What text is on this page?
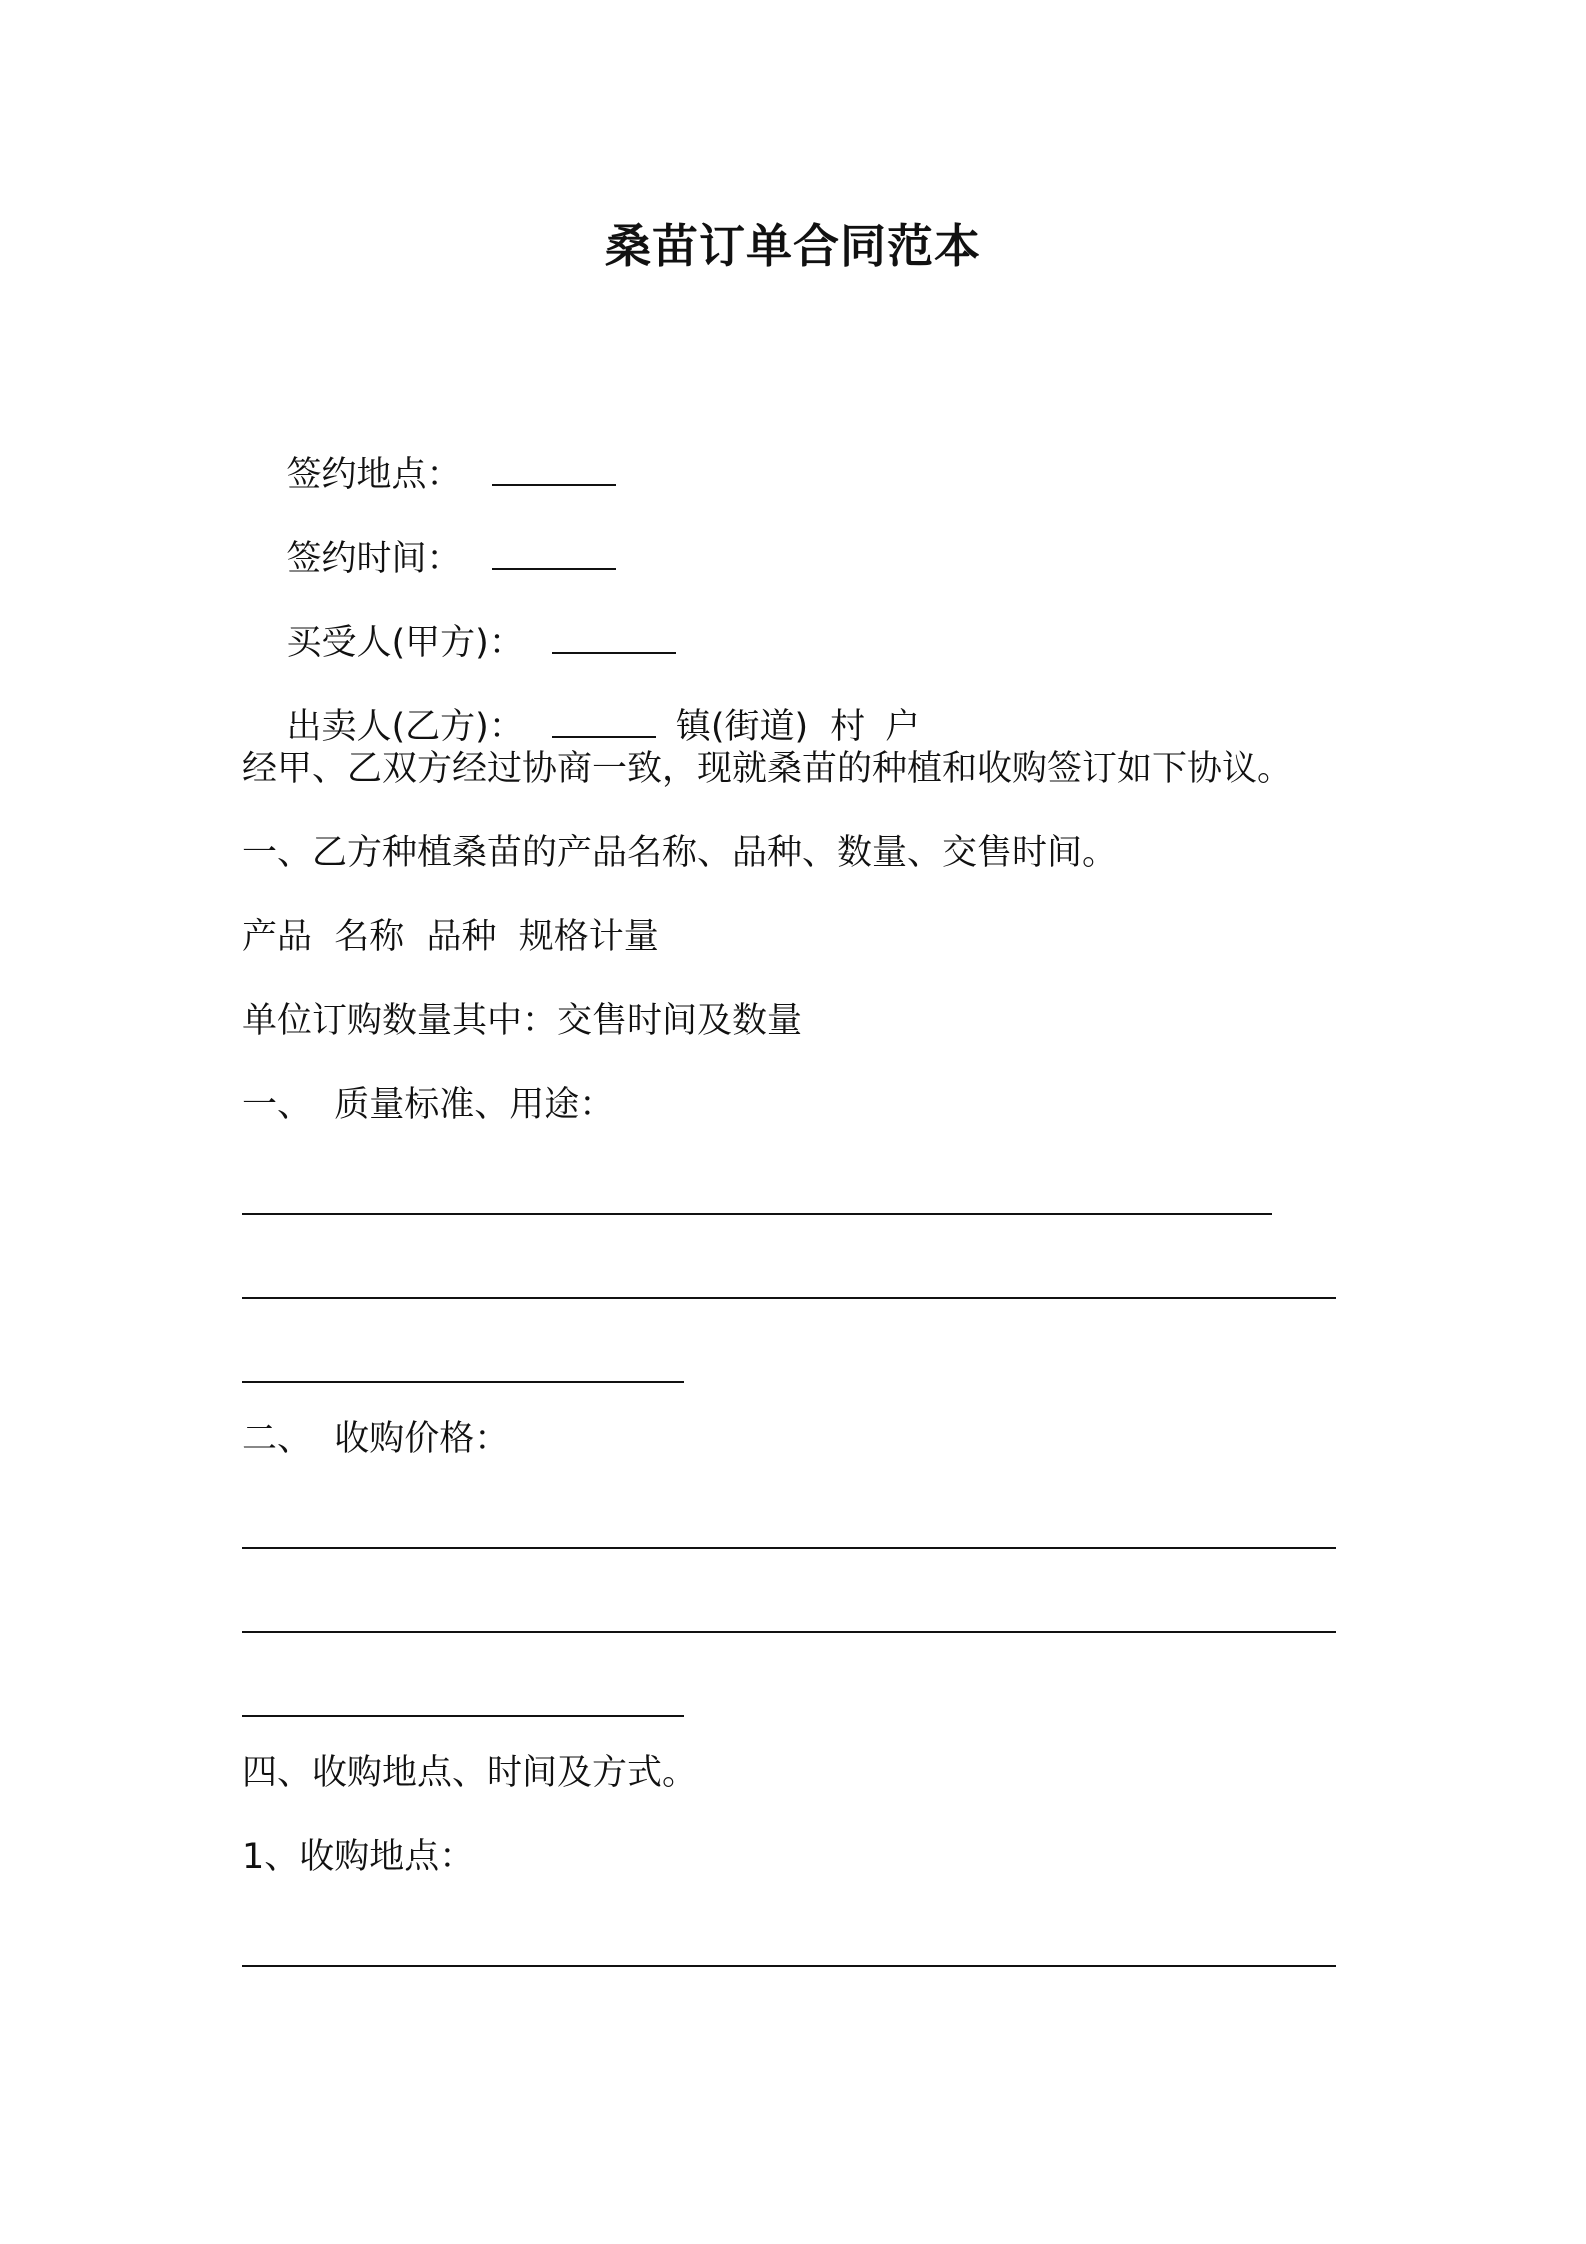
桑苗订单合同范本

签约地点：

签约时间：

买受人(甲方)：

出卖人(乙方)：	镇(街道) 村 户

经甲、乙双方经过协商一致，现就桑苗的种植和收购签订如下协议。
一、乙方种植桑苗的产品名称、品种、数量、交售时间。
产品  名称  品种  规格计量
单位订购数量其中：交售时间及数量
一、  质量标准、用途：
二、  收购价格：
四、收购地点、时间及方式。
1、收购地点：
